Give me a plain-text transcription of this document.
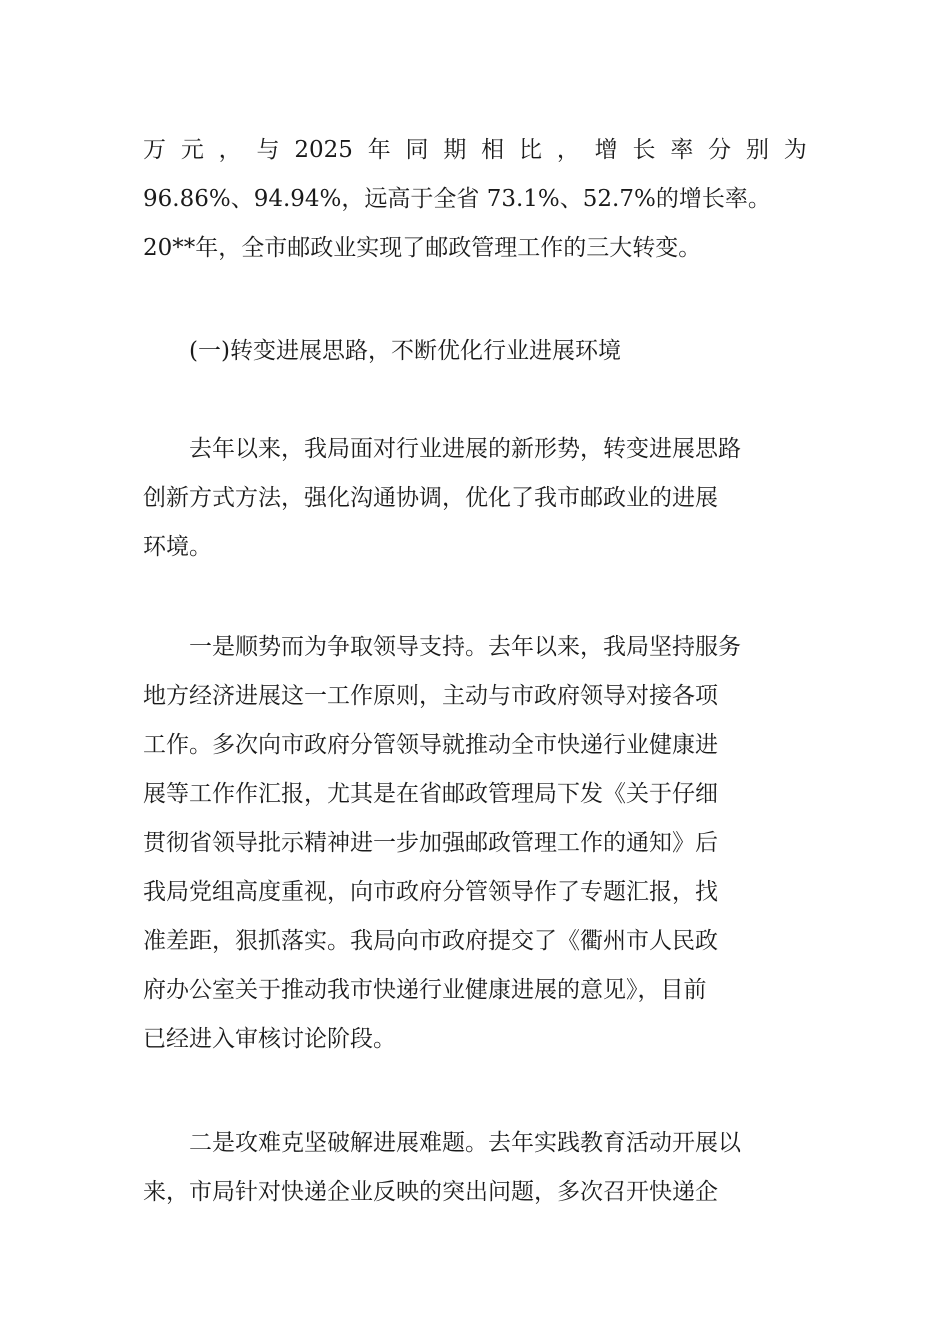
万 元 ， 与 2025 年 同 期 相 比 ， 增 长 率 分 别 为
96.86%、94.94%，远高于全省 73.1%、52.7%的增长率。
20**年，全市邮政业实现了邮政管理工作的三大转变。
(一)转变进展思路，不断优化行业进展环境
去年以来，我局面对行业进展的新形势，转变进展思路
创新方式方法，强化沟通协调，优化了我市邮政业的进展
环境。
一是顺势而为争取领导支持。去年以来，我局坚持服务
地方经济进展这一工作原则，主动与市政府领导对接各项
工作。多次向市政府分管领导就推动全市快递行业健康进
展等工作作汇报，尤其是在省邮政管理局下发《关于仔细
贯彻省领导批示精神进一步加强邮政管理工作的通知》后
我局党组高度重视，向市政府分管领导作了专题汇报，找
准差距，狠抓落实。我局向市政府提交了《衢州市人民政
府办公室关于推动我市快递行业健康进展的意见》，目前
已经进入审核讨论阶段。
二是攻难克坚破解进展难题。去年实践教育活动开展以
来，市局针对快递企业反映的突出问题，多次召开快递企
